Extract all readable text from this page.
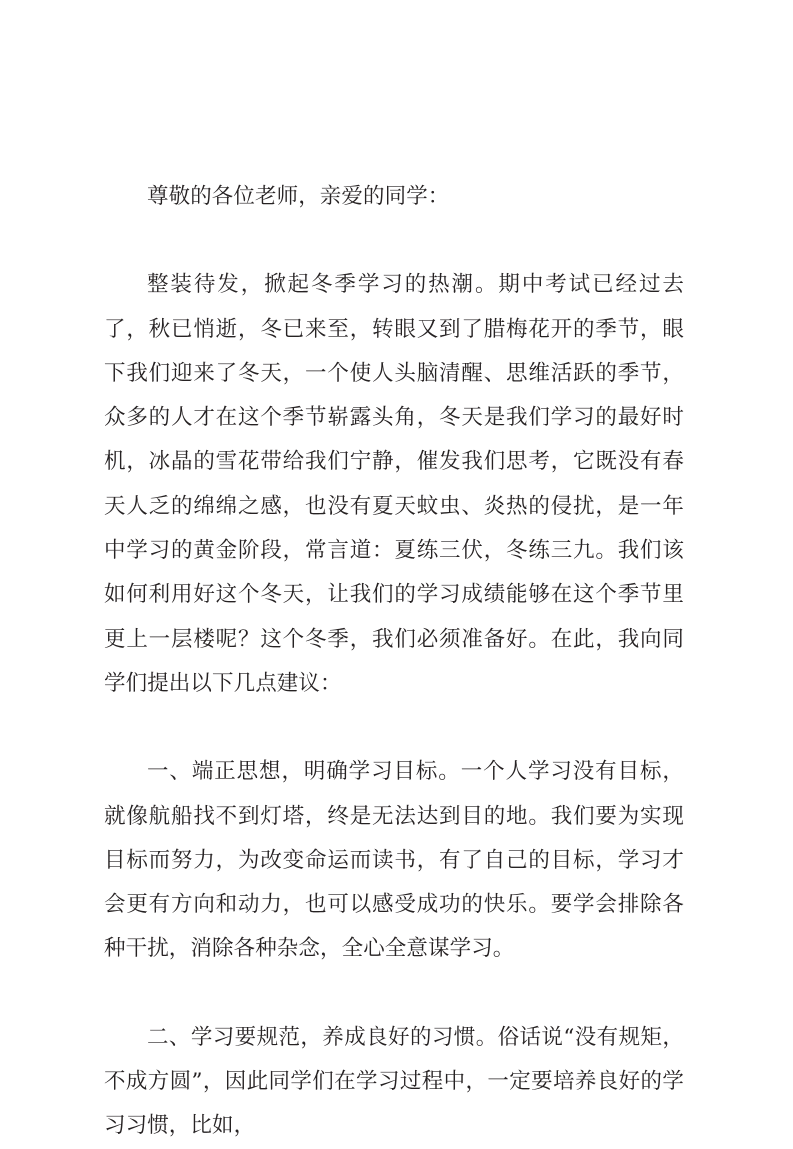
尊敬的各位老师，亲爱的同学：

整装待发，掀起冬季学习的热潮。期中考试已经过去了，秋已悄逝，冬已来至，转眼又到了腊梅花开的季节，眼下我们迎来了冬天，一个使人头脑清醒、思维活跃的季节，众多的人才在这个季节崭露头角，冬天是我们学习的最好时机，冰晶的雪花带给我们宁静，催发我们思考，它既没有春天人乏的绵绵之感，也没有夏天蚊虫、炎热的侵扰，是一年中学习的黄金阶段，常言道：夏练三伏，冬练三九。我们该如何利用好这个冬天，让我们的学习成绩能够在这个季节里更上一层楼呢？这个冬季，我们必须准备好。在此，我向同学们提出以下几点建议：

一、端正思想，明确学习目标。一个人学习没有目标，就像航船找不到灯塔，终是无法达到目的地。我们要为实现目标而努力，为改变命运而读书，有了自己的目标，学习才会更有方向和动力，也可以感受成功的快乐。要学会排除各种干扰，消除各种杂念，全心全意谋学习。

二、学习要规范，养成良好的习惯。俗话说“没有规矩，不成方圆”，因此同学们在学习过程中，一定要培养良好的学习习惯，比如，
